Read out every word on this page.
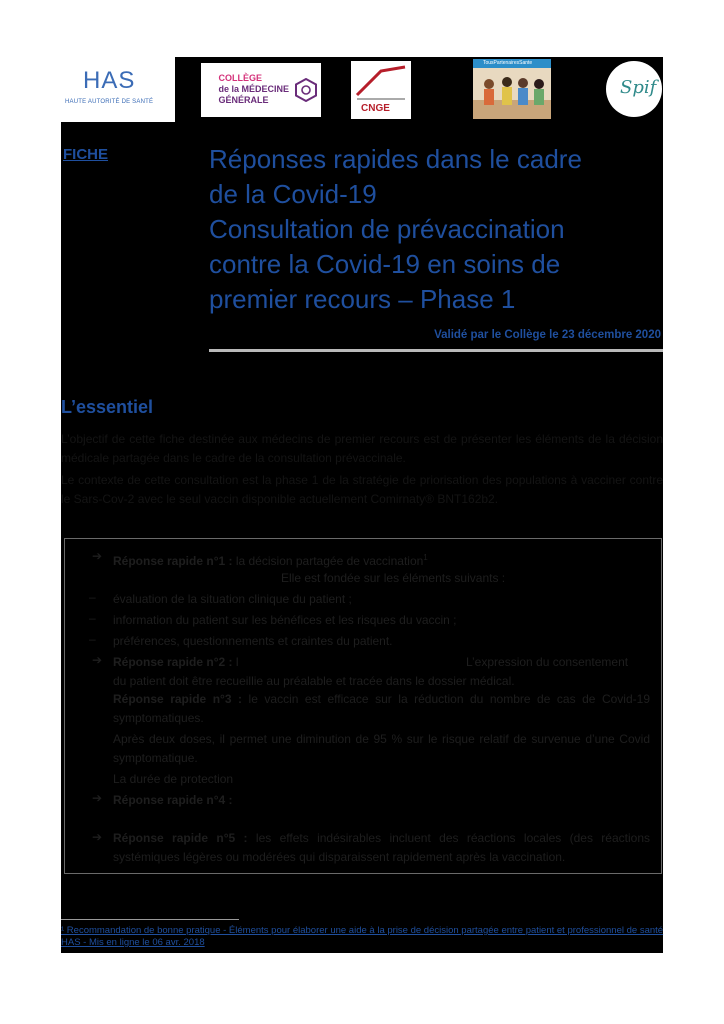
HAS
HAUTE AUTORITÉ DE SANTÉ
COLLÈGE
de la MÉDECINE
GÉNÉRALE
CNGE
TousPartenairesSante
Spif
FICHE	Réponses rapides dans le cadre
de la Covid-19
Consultation de prévaccination
contre la Covid-19 en soins de
premier recours – Phase 1
Validé par le Collège le 23 décembre 2020
L’essentiel
L’objectif de cette fiche destinée aux médecins de premier recours est de présenter les éléments de la décision médicale partagée dans le cadre de la consultation prévaccinale.
Le contexte de cette consultation est la phase 1 de la stratégie de priorisation des populations à vacciner contre le Sars-Cov-2 avec le seul vaccin disponible actuellement Comirnaty® BNT162b2.
➔ Réponse rapide n°1 : la décision partagée de vaccination$^1$
Elle est fondée sur les éléments suivants :
– évaluation de la situation clinique du patient ;
– information du patient sur les bénéfices et les risques du vaccin ;
– préférences, questionnements et craintes du patient.
➔ Réponse rapide n°2 : l	L’expression du consentement
du patient doit être recueillie au préalable et tracée dans le dossier médical.
Réponse rapide n°3 : le vaccin est efficace sur la réduction du nombre de cas de Covid-19 symptomatiques.
Après deux doses, il permet une diminution de 95 % sur le risque relatif de survenue d’une Covid symptomatique.
La durée de protection
➔ Réponse rapide n°4 :
➔ Réponse rapide n°5 : les effets indésirables incluent des réactions locales (des réactions systémiques légères ou modérées qui disparaissent rapidement après la vaccination.
¹ Recommandation de bonne pratique - Éléments pour élaborer une aide à la prise de décision partagée entre patient et professionnel de santé HAS - Mis en ligne le 06 avr. 2018
